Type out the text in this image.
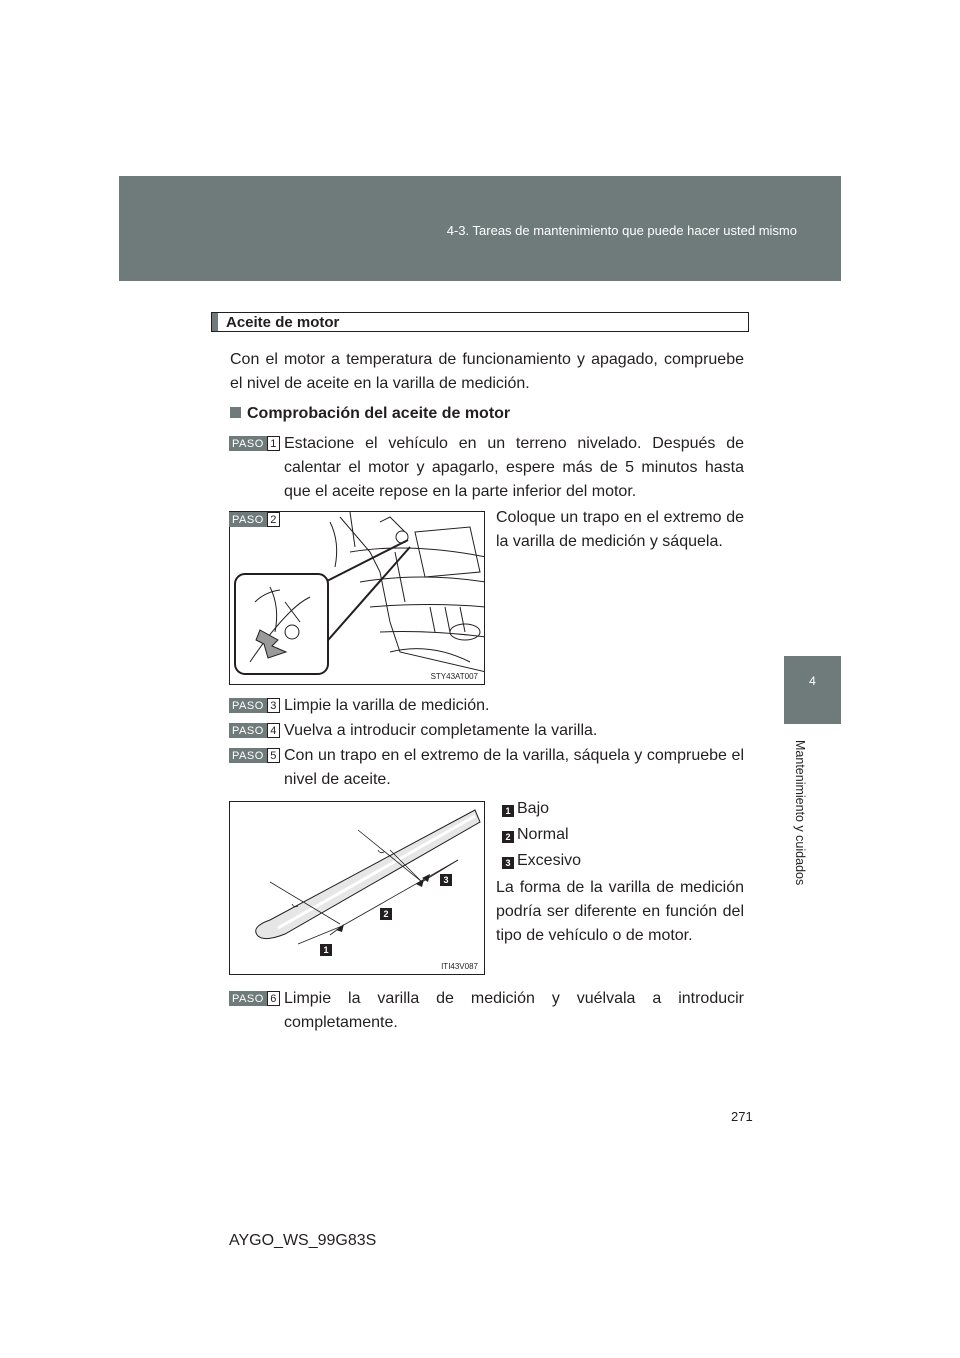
4-3. Tareas de mantenimiento que puede hacer usted mismo
4
Mantenimiento y cuidados
Aceite de motor
Con el motor a temperatura de funcionamiento y apagado, compruebe el nivel de aceite en la varilla de medición.
Comprobación del aceite de motor
PASO 1 Estacione el vehículo en un terreno nivelado. Después de calentar el motor y apagarlo, espere más de 5 minutos hasta que el aceite repose en la parte inferior del motor.
STY43AT007
PASO 2	Coloque un trapo en el extremo de la varilla de medición y sáquela.
PASO 3 Limpie la varilla de medición.
PASO 4 Vuelva a introducir completamente la varilla.
PASO 5 Con un trapo en el extremo de la varilla, sáquela y compruebe el nivel de aceite.
1
2
3
ITI43V087
1 Bajo
2 Normal
3 Excesivo
La forma de la varilla de medición podría ser diferente en función del tipo de vehículo o de motor.
PASO 6 Limpie la varilla de medición y vuélvala a introducir completamente.
271
AYGO_WS_99G83S
